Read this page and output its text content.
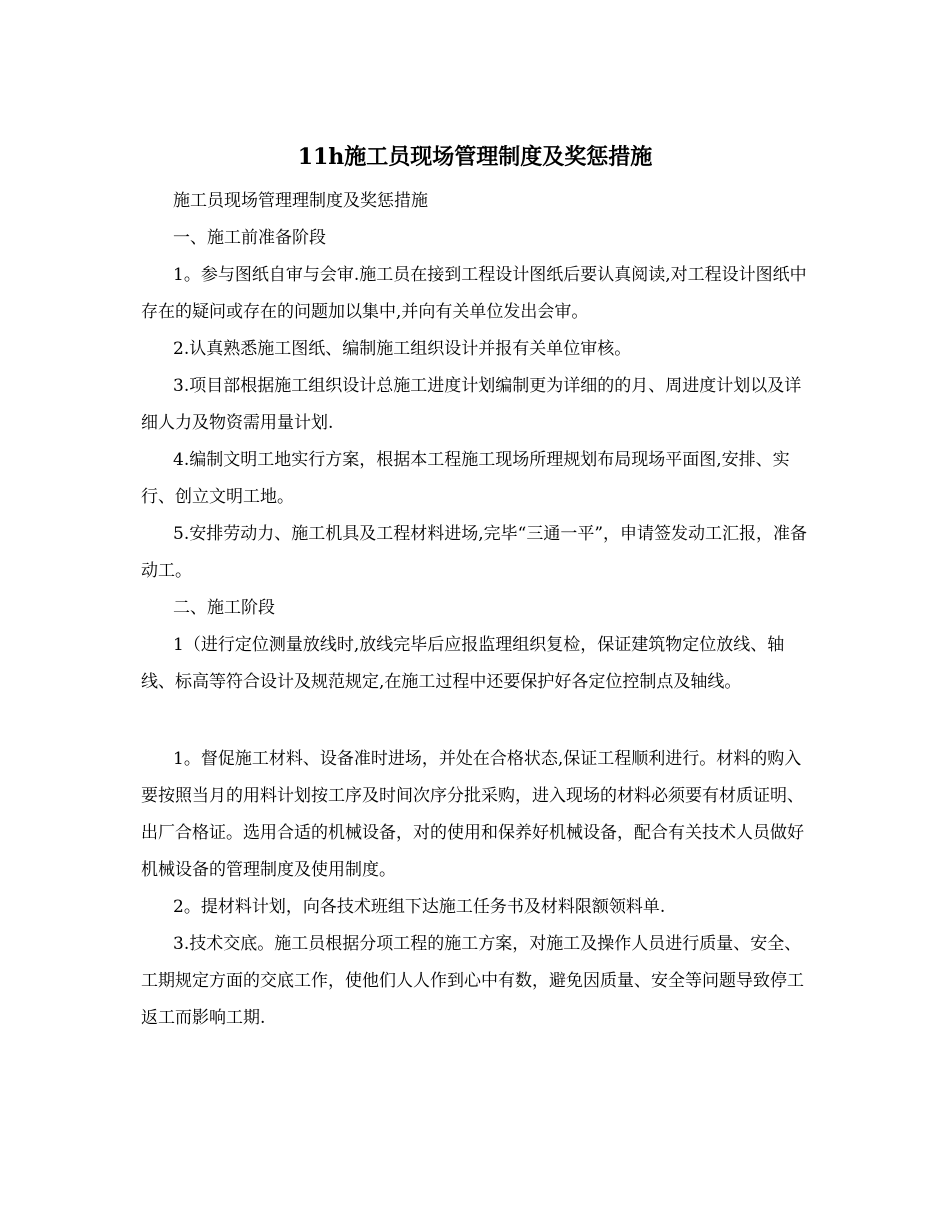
11h施工员现场管理制度及奖惩措施

施工员现场管理理制度及奖惩措施

一、施工前准备阶段

1。参与图纸自审与会审.施工员在接到工程设计图纸后要认真阅读,对工程设计图纸中存在的疑问或存在的问题加以集中,并向有关单位发出会审。

2.认真熟悉施工图纸、编制施工组织设计并报有关单位审核。

3.项目部根据施工组织设计总施工进度计划编制更为详细的的月、周进度计划以及详细人力及物资需用量计划.

4.编制文明工地实行方案，根据本工程施工现场所理规划布局现场平面图,安排、实行、创立文明工地。

5.安排劳动力、施工机具及工程材料进场,完毕“三通一平”，申请签发动工汇报，准备动工。

二、施工阶段

1（进行定位测量放线时,放线完毕后应报监理组织复检，保证建筑物定位放线、轴线、标高等符合设计及规范规定,在施工过程中还要保护好各定位控制点及轴线。

1。督促施工材料、设备准时进场，并处在合格状态,保证工程顺利进行。材料的购入要按照当月的用料计划按工序及时间次序分批采购，进入现场的材料必须要有材质证明、出厂合格证。选用合适的机械设备，对的使用和保养好机械设备，配合有关技术人员做好机械设备的管理制度及使用制度。

2。提材料计划，向各技术班组下达施工任务书及材料限额领料单.

3.技术交底。施工员根据分项工程的施工方案，对施工及操作人员进行质量、安全、工期规定方面的交底工作，使他们人人作到心中有数，避免因质量、安全等问题导致停工返工而影响工期.
